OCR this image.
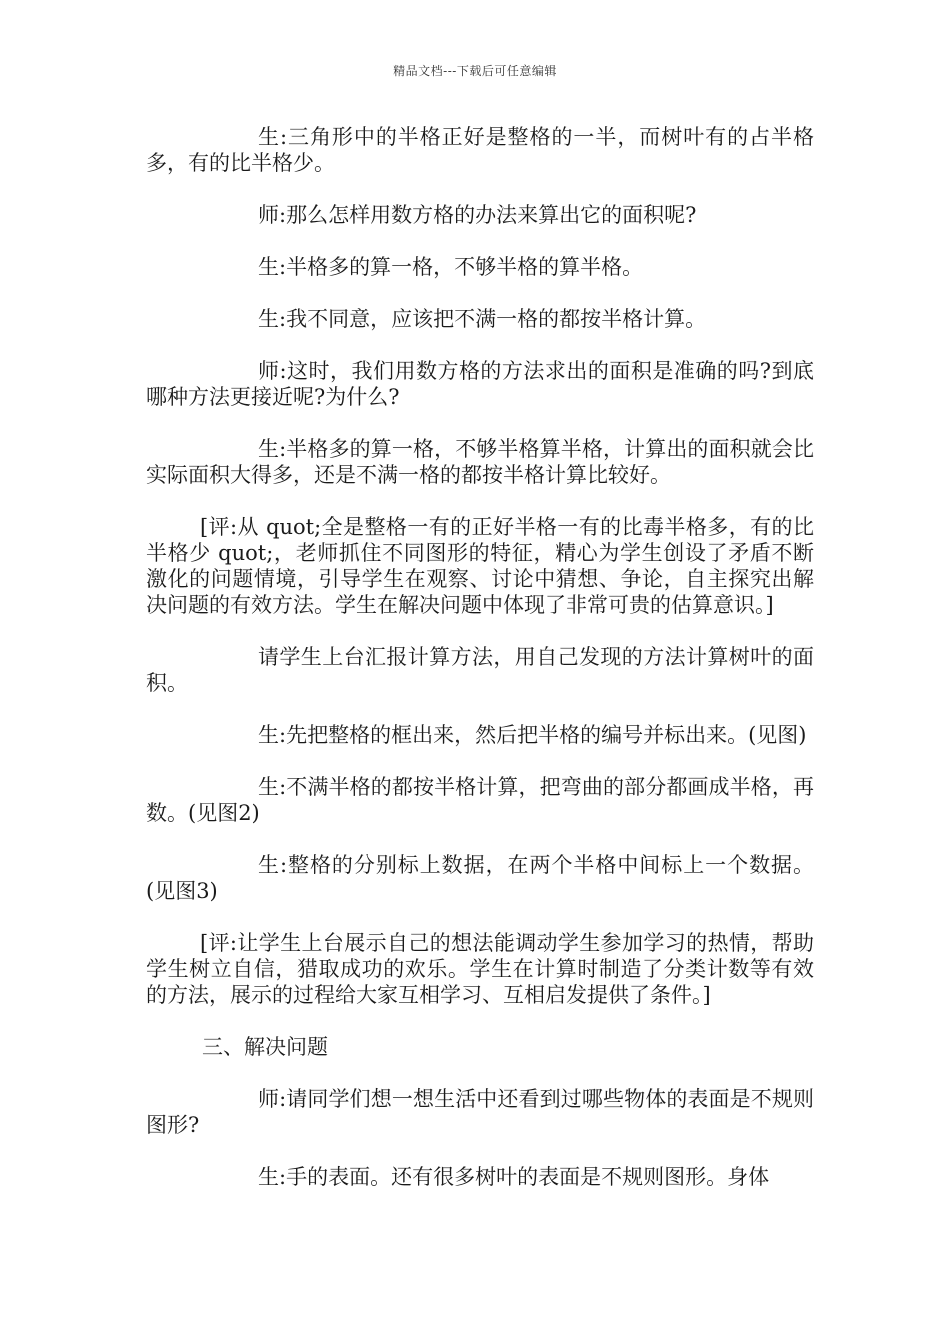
精品文档---下载后可任意编辑

生:三角形中的半格正好是整格的一半，而树叶有的占半格多，有的比半格少。

师:那么怎样用数方格的办法来算出它的面积呢?

生:半格多的算一格，不够半格的算半格。

生:我不同意，应该把不满一格的都按半格计算。

师:这时，我们用数方格的方法求出的面积是准确的吗?到底哪种方法更接近呢?为什么?

生:半格多的算一格，不够半格算半格，计算出的面积就会比实际面积大得多，还是不满一格的都按半格计算比较好。

[评:从 quot;全是整格一有的正好半格一有的比毒半格多，有的比半格少 quot;，老师抓住不同图形的特征，精心为学生创设了矛盾不断激化的问题情境，引导学生在观察、讨论中猜想、争论，自主探究出解决问题的有效方法。学生在解决问题中体现了非常可贵的估算意识。]

请学生上台汇报计算方法，用自己发现的方法计算树叶的面积。

生:先把整格的框出来，然后把半格的编号并标出来。(见图)

生:不满半格的都按半格计算，把弯曲的部分都画成半格，再数。(见图2)

生:整格的分别标上数据，在两个半格中间标上一个数据。(见图3)

[评:让学生上台展示自己的想法能调动学生参加学习的热情，帮助学生树立自信，猎取成功的欢乐。学生在计算时制造了分类计数等有效的方法，展示的过程给大家互相学习、互相启发提供了条件。]

三、解决问题

师:请同学们想一想生活中还看到过哪些物体的表面是不规则图形?

生:手的表面。还有很多树叶的表面是不规则图形。身体
